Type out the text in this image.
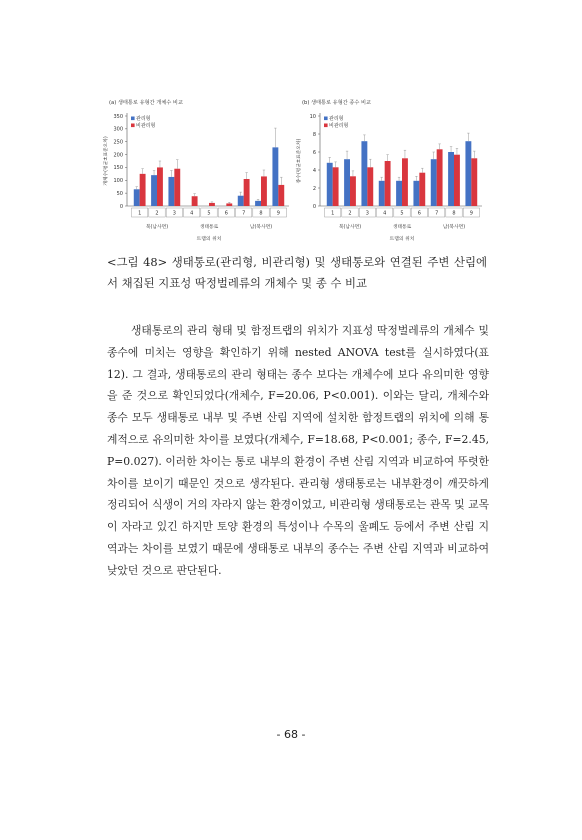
(a) 생태통로 유형간 개체수 비교
0
50
100
150
200
250
300
350
개체수(평균±표준오차)
1	2	3	4	5	6	7	8	9
북(남사면)	생태통로	남(북사면)
트랩의 위치
관리형
비관리형
(b) 생태통로 유형간 종수 비교
0
2
4
6
8
10
종수(평균±표준오차)
1	2	3	4	5	6	7	8	9
북(남사면)	생태통로	남(북사면)
트랩의 위치
관리형
비관리형
<그림 48> 생태통로(관리형, 비관리형) 및 생태통로와 연결된 주변 산림에
서 채집된 지표성 딱정벌레류의 개체수 및 종 수 비교

생태통로의 관리 형태 및 함정트랩의 위치가 지표성 딱정벌레류의 개체수 및 종수에 미치는 영향을 확인하기 위해 nested ANOVA test를 실시하였다(표 12). 그 결과, 생태통로의 관리 형태는 종수 보다는 개체수에 보다 유의미한 영향을 준 것으로 확인되었다(개체수, F=20.06, P<0.001). 이와는 달리, 개체수와 종수 모두 생태통로 내부 및 주변 산림 지역에 설치한 함정트랩의 위치에 의해 통계적으로 유의미한 차이를 보였다(개체수, F=18.68, P<0.001; 종수, F=2.45, P=0.027). 이러한 차이는 통로 내부의 환경이 주변 산림 지역과 비교하여 뚜렷한 차이를 보이기 때문인 것으로 생각된다. 관리형 생태통로는 내부환경이 깨끗하게 정리되어 식생이 거의 자라지 않는 환경이었고, 비관리형 생태통로는 관목 및 교목이 자라고 있긴 하지만 토양 환경의 특성이나 수목의 울폐도 등에서 주변 산림 지역과는 차이를 보였기 때문에 생태통로 내부의 종수는 주변 산림 지역과 비교하여 낮았던 것으로 판단된다.

- 68 -
